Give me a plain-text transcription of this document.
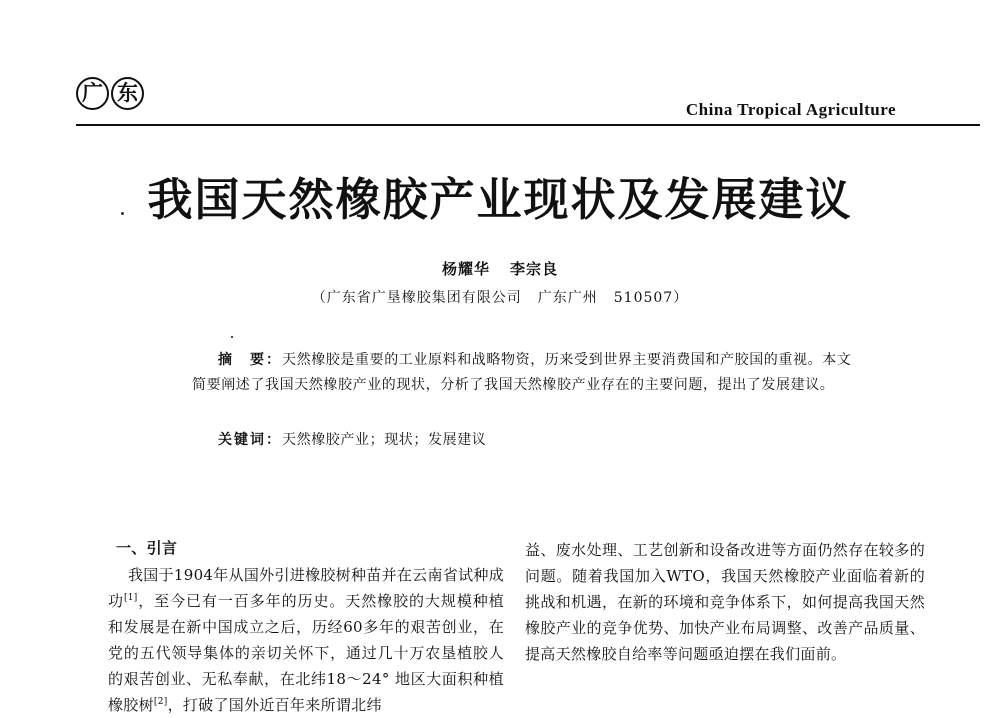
广 东
China Tropical Agriculture
我国天然橡胶产业现状及发展建议
杨耀华 李宗良
（广东省广垦橡胶集团有限公司 广东广州 510507）
摘　要：天然橡胶是重要的工业原料和战略物资，历来受到世界主要消费国和产胶国的重视。本文简要阐述了我国天然橡胶产业的现状，分析了我国天然橡胶产业存在的主要问题，提出了发展建议。
关键词：天然橡胶产业；现状；发展建议
一、引言

我国于1904年从国外引进橡胶树种苗并在云南省试种成功[1]，至今已有一百多年的历史。天然橡胶的大规模种植和发展是在新中国成立之后，历经60多年的艰苦创业，在党的五代领导集体的亲切关怀下，通过几十万农垦植胶人的艰苦创业、无私奉献，在北纬18～24° 地区大面积种植橡胶树[2]，打破了国外近百年来所谓北纬

益、废水处理、工艺创新和设备改进等方面仍然存在较多的问题。随着我国加入WTO，我国天然橡胶产业面临着新的挑战和机遇，在新的环境和竞争体系下，如何提高我国天然橡胶产业的竞争优势、加快产业布局调整、改善产品质量、提高天然橡胶自给率等问题亟迫摆在我们面前。
